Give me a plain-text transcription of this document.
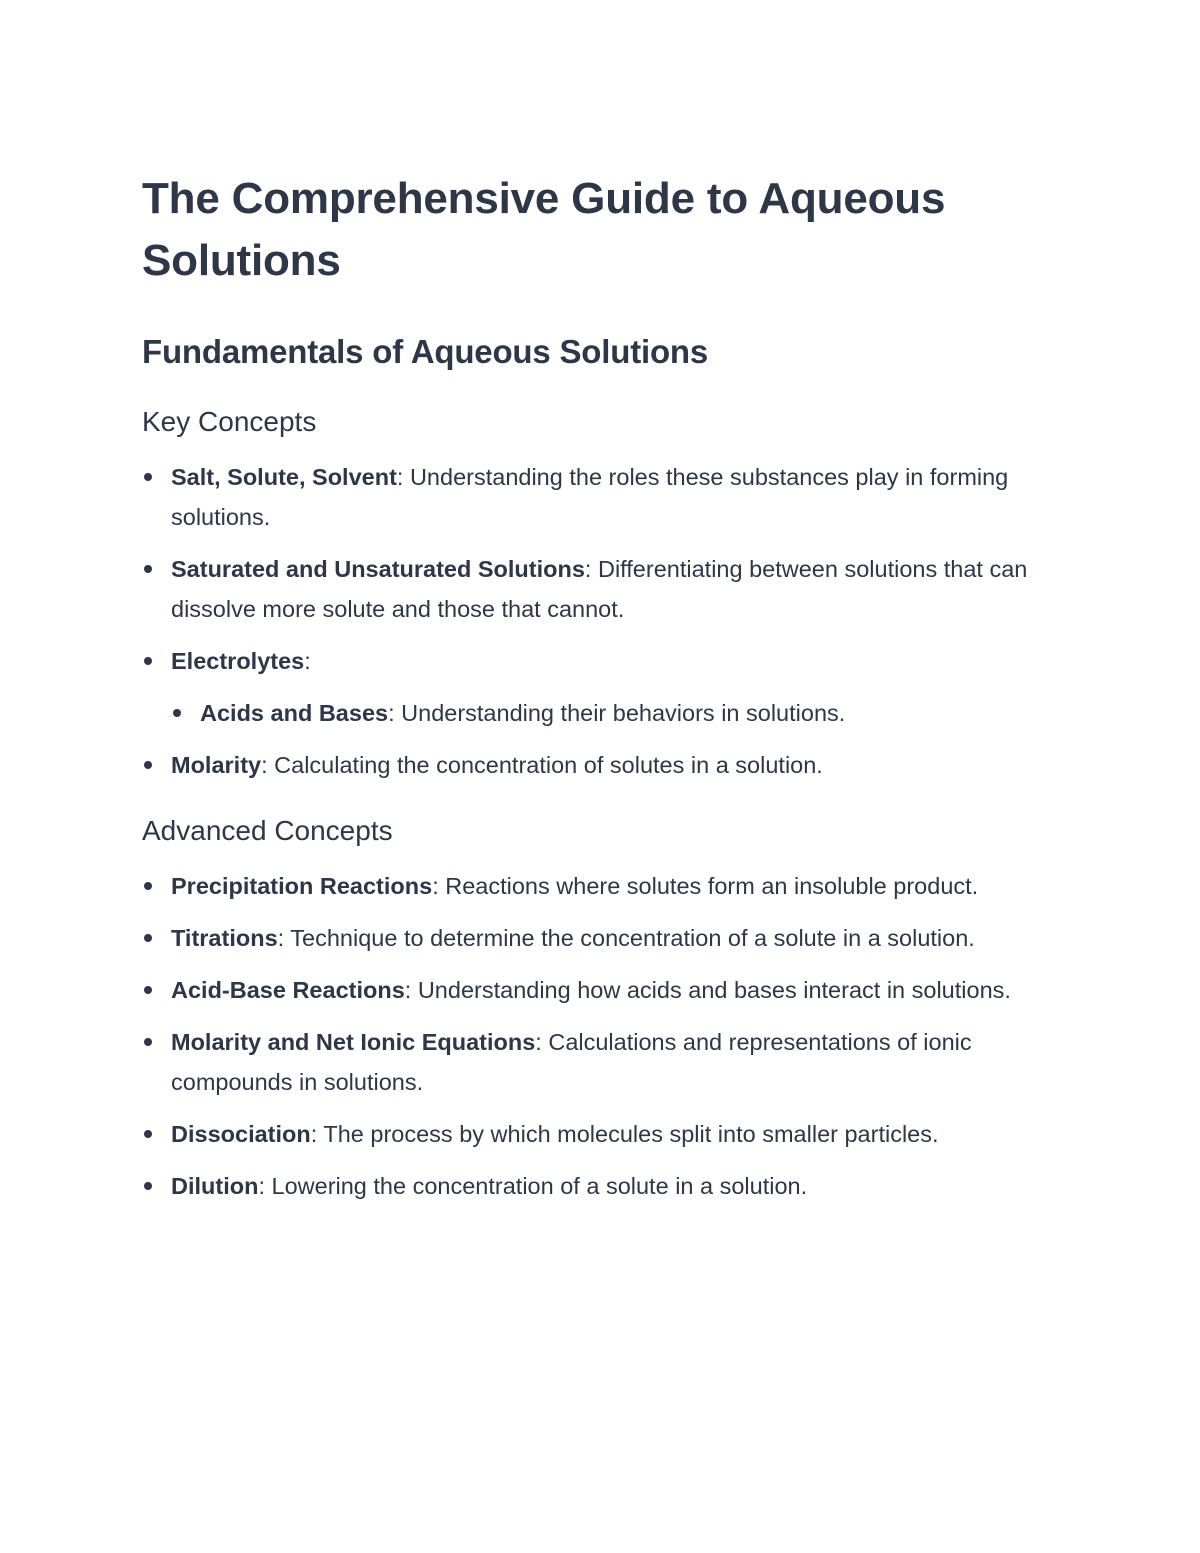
The Comprehensive Guide to Aqueous Solutions
Fundamentals of Aqueous Solutions
Key Concepts
Salt, Solute, Solvent: Understanding the roles these substances play in forming solutions.
Saturated and Unsaturated Solutions: Differentiating between solutions that can dissolve more solute and those that cannot.
Electrolytes:
Acids and Bases: Understanding their behaviors in solutions.
Molarity: Calculating the concentration of solutes in a solution.
Advanced Concepts
Precipitation Reactions: Reactions where solutes form an insoluble product.
Titrations: Technique to determine the concentration of a solute in a solution.
Acid-Base Reactions: Understanding how acids and bases interact in solutions.
Molarity and Net Ionic Equations: Calculations and representations of ionic compounds in solutions.
Dissociation: The process by which molecules split into smaller particles.
Dilution: Lowering the concentration of a solute in a solution.
